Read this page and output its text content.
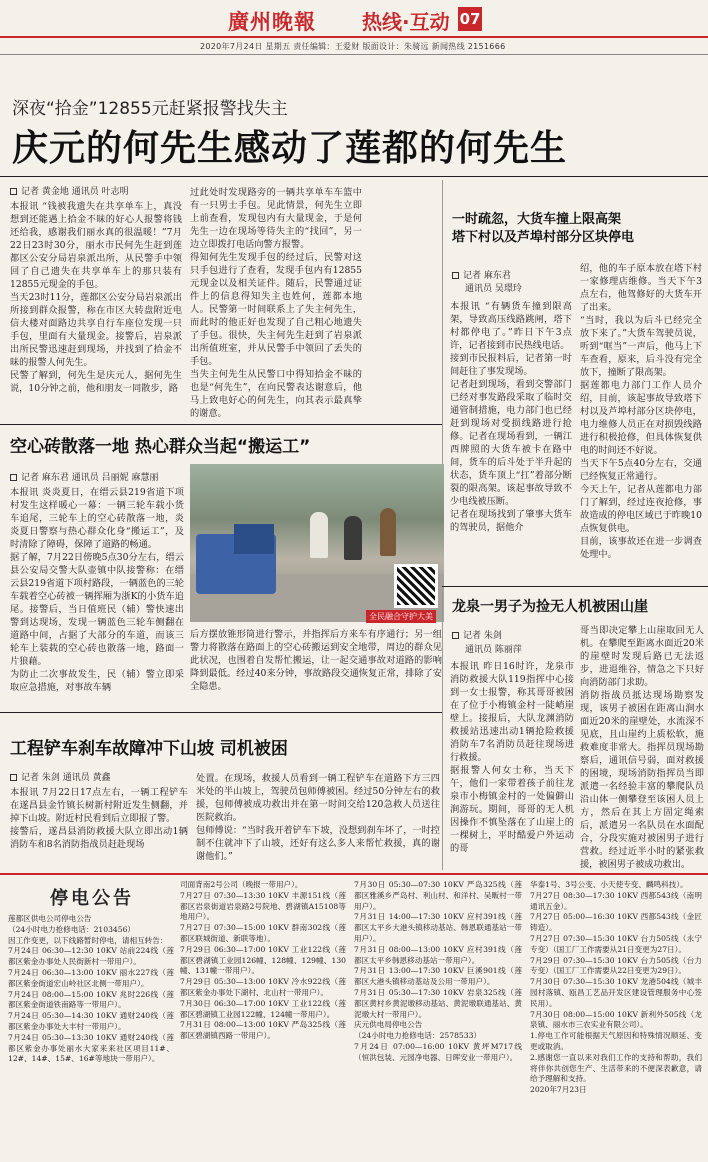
廣州晚報 热线·互动 07
2020年7月24日 星期五 责任编辑：王爱财 版面设计：朱骑远 新闻热线 2151666
深夜“拾金”12855元赶紧报警找失主
庆元的何先生感动了莲都的何先生
记者 黄金地 通讯员 叶志明
本报讯 “钱被我遗失在共享单车上，真没想到还能遇上拾金不昧的好心人报警将钱还给我，感谢我们丽水真的很温暖！”7月22日23时30分，丽水市民何先生赶到莲都区公安分局岩泉派出所，从民警手中领回了自己遗失在共享单车上的那只装有12855元现金的手包。
当天23时11分，莲都区公安分局岩泉派出所接到群众报警，称在市区大转盘附近电信大楼对面路边共享自行车座位发现一只手包，里面有大量现金。接警后，岩泉派出所民警迅速赶到现场，并找到了拾金不昧的报警人何先生。
民警了解到，何先生是庆元人，据何先生说，10分钟之前，他和朋友一同散步，路
过此处时发现路旁的一辆共享单车车篮中有一只男士手包。见此情景，何先生立即上前查看，发现包内有大量现金，于是何先生一边在现场等待失主的“找回”，另一边立即拨打电话向警方报警。
得知何先生发现手包的经过后，民警对这只手包进行了查看，发现手包内有12855元现金以及相关证件。随后，民警通过证件上的信息得知失主也姓何，莲都本地人。民警第一时间联系上了失主何先生，而此时的他正好也发现了自己粗心地遗失了手包。很快，失主何先生赶到了岩泉派出所值班室，并从民警手中领回了丢失的手包。
当失主何先生从民警口中得知拾金不昧的也是“何先生”，在向民警表达谢意后，他马上致电好心的何先生，向其表示最真挚的谢意。
一时疏忽，大货车撞上限高架
塔下村以及芦埠村部分区块停电
记者 麻东君
通讯员 吴璟玲
本报讯 “有辆货车撞到限高架，导致高压线路跳闸，塔下村都停电了。”昨日下午3点许，记者接到市民热线电话。
接到市民报料后，记者第一时间赶往了事发现场。
记者赶到现场，看到交警部门已经对事发路段采取了临时交通管制措施，电力部门也已经赶到现场对受损线路进行抢修。记者在现场看到，一辆江西牌照的大货车被卡在路中间，货车的后斗处于半升起的状态，货车顶上“扛”着部分断裂的限高架。该起事故导致不少电线被压断。
记者在现场找到了肇事大货车的驾驶员，据他介
绍，他的车子原本放在塔下村一家修理店维修。当天下午3点左右，他驾修好的大货车开了出来。
“当时，我以为后斗已经完全放下来了。”大货车驾驶员说，听到“哐当”一声后，他马上下车查看，原来，后斗没有完全放下，撞断了限高架。
据莲都电力部门工作人员介绍，目前，该起事故导致塔下村以及芦埠村部分区块停电，电力维修人员正在对损毁线路进行积极抢修，但具体恢复供电的时间还不好说。
当天下午5点40分左右，交通已经恢复正常通行。
今天上午，记者从莲都电力部门了解到，经过连夜抢修，事故造成的停电区域已于昨晚10点恢复供电。
目前，该事故还在进一步调查处理中。
空心砖散落一地 热心群众当起“搬运工”
记者 麻东君 通讯员 吕丽妮 麻慧丽
本报讯 炎炎夏日，在缙云县219省道下项村发生这样暖心一幕：一辆三轮车载小货车追尾，三轮车上的空心砖散落一地，炎炎夏日警察与热心群众化身“搬运工”，及时清除了障碍，保障了道路的畅通。
据了解，7月22日傍晚5点30分左右，缙云县公安局交警大队壶镇中队接警称：在缙云县219省道下项村路段，一辆蓝色的三轮车载着空心砖被一辆挥厢为浙K的小货车追尾。接警后，当日值班民（辅）警快速出警到达现场，发现一辆蓝色三轮车侧翻在道路中间，占据了大部分的车道，而该三轮车上装载的空心砖也散落一地，路面一片狼藉。
为防止二次事故发生，民（辅）警立即采取应急措施，对事故车辆
全民融合守护大美
后方摆放锥形筒进行警示，并指挥后方来车有序通行；另一组警力将散落在路面上的空心砖搬运到安全地带，周边的群众见此状况，也围着自发帮忙搬运，让一起交通事故对道路的影响降到最低。经过40来分钟，事故路段交通恢复正常，排除了安全隐患。
工程铲车刹车故障冲下山坡 司机被困
记者 朱剑 通讯员 黄鑫
本报讯 7月22日17点左右，一辆工程铲车在遂昌县金竹镇长树新村附近发生侧翻，并掉下山坡。附近村民看到后立即报了警。
接警后，遂昌县消防救援大队立即出动1辆消防车和8名消防指战员赶赴现场
处置。在现场，救援人员看到一辆工程铲车在道路下方三四米处的半山坡上，驾驶员包师傅被困。经过50分钟左右的救援，包师傅被成功救出并在第一时间交给120急救人员送往医院救治。
包师傅说：“当时我开着铲车下坡，没想到刹车坏了，一时控制不住就冲下了山坡，还好有这么多人来帮忙救援，真的谢谢他们。”
龙泉一男子为捡无人机被困山崖
记者 朱剑
通讯员 陈丽萍
本报讯 昨日16时许，龙泉市消防救援大队119指挥中心接到一女士报警，称其哥哥被困在了位于小梅镇金村一陡峭崖壁上。接报后，大队龙渊消防救援站迅速出动1辆抢险救援消防车7名消防员赶往现场进行救援。
据报警人何女士称，当天下午，他们一家带着孩子前往龙泉市小梅镇金村的一处偏僻山涧游玩。期间，哥哥的无人机因操作不慎坠落在了山崖上的一棵树上，平时酷爱户外运动的哥
哥当即决定攀上山崖取回无人机。在攀爬至距离水面近20米的崖壁时发现后路已无法返步，进退维谷，情急之下只好向消防部门求助。
消防指战员抵达现场勘察发现，该男子被困在距离山涧水面近20米的崖壁处，水流深不见底，且山崖约上质松软，施救难度非常大。指挥员现场勘察后，通讯信号弱，面对救援的困境，现场消防指挥员当即派遣一名经验丰富的攀爬队员沿山体一侧攀登至该困人员上方，然后在其上方固定绳索后，派遣另一名队员在水面配合，分段实施对被困男子进行营救。经过近半小时的紧张救援，被困男子被成功救出。
停电公告
莲都区供电公司停电公告
（24小时电力抢修电话：2103456）
因工作变更，以下线路暂时停电，请相互转告：
7月24日 06:30—12:30 10KV 站前224线（莲都区紫金办事处人民街新村一带用户）。
7月24日 06:30—13:00 10KV 丽水227线（莲都区紫金街道宏山岭社区北侧一带用户）。
7月24日 08:00—15:00 10KV 兆时226线（莲都区紫金街道铁南路等一带用户）。
7月24日 05:30—14:30 10KV 通财240线（莲都区紫金办事处大丰村一带用户）。
7月24日 05:30—13:30 10KV 通财240线（莲都区紫金办事处丽水大家来来社区项目11#、12#、14#、15#、16#等地块一带用户）。
司面背南2号公司（晚报一带用户）。
7月27日 07:30—13:30 10KV 丰源151线（莲都区岩泉街道岩泉路2号院地、碧湖镇A15108等地用户）。
7月27日 07:30—15:00 10KV 群南302线（莲都区联城街道、新联等地）。
7月29日 06:30—17:00 10KV 工业122线（莲都区碧湖镇工业园126幢、128幢、129幢、130幢、131幢一带用户）。
7月29日 05:30—13:00 10KV 冷水922线（莲都区紫金办事处下湖村、北山村一带用户）。
7月30日 06:30—17:00 10KV 工业122线（莲都区碧湖镇工业园122幢、124幢一带用户）。
7月31日 08:00—13:00 10KV 严岛325线（莲都区碧湖镇西路一带用户）。
7月30日 05:30—07:30 10KV 严岛325线（莲都区雅溪乡严岛村、利山村、和洋村、吴畈村一带用户）。
7月31日 14:00—17:30 10KV 应村391线（莲都区太平乡大港头镇移动基站、韩恩联通基站一带用户）。
7月31日 08:00—13:00 10KV 应村391线（莲都区太平乡韩恩移动基站一带用户）。
7月31日 13:00—17:30 10KV 巨溪901线（莲都区大港头镇移动基站及公用一带用户）。
7月31日 05:30—17:30 10KV 岩泉325线（莲都区黄村乡黄泥墩移动基站、黄泥墩联通基站、黄泥墩大村一带用户）。
庆元供电局停电公告
（24小时电力抢修电话：2578533）
7月24日 07:00—16:00 10KV 黄坪M717线（恒洪包装、元园净电器、日晖安业一带用户）。
华泰1号、3号公变、小天使专变、麟鸣科技）。
7月27日 08:30—17:30 10KV 西都543线（南明通讯五金）。
7月27日 05:00—16:30 10KV 西都543线（金匠铸造）。
7月27日 07:30—15:30 10KV 台力505线（永宁专变）（国工厂工作需要从21日变更为27日）。
7月29日 07:30—15:30 10KV 台力505线（台力专变）（国工厂工作需要从22日变更为29日）。
7月30日 07:30—15:30 10KV 龙港504线（城丰园村落镇、瓯昌工艺品开发区建设管理服务中心签民用）。
7月30日 08:00—15:00 10KV 新利外505线（龙泉镇、丽水市三农实业有限公司）。
1.停电工作可能根据天气原因和特殊情况顺延、变更或取消。
2.感谢您一直以来对我们工作的支持和帮助，我们将伴你共创您生产、生活带来的不便深表歉意，请给予理解和支持。
2020年7月23日
